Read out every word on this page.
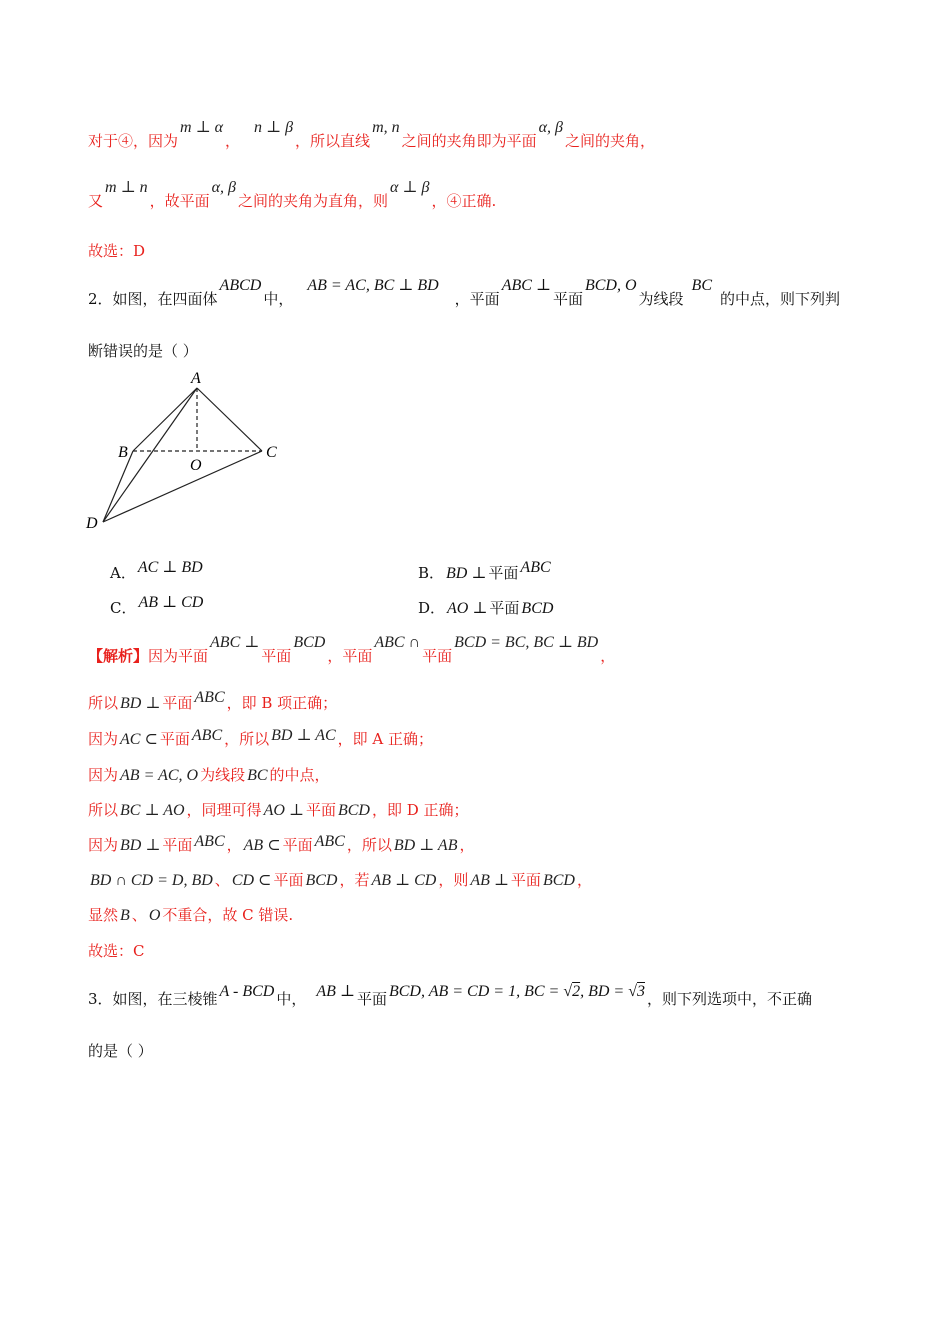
对于④，因为m ⊥ α，n ⊥ β，所以直线m, n之间的夹角即为平面α, β之间的夹角，
又m ⊥ n，故平面α, β之间的夹角为直角，则α ⊥ β，④正确.
故选：D
2．如图，在四面体ABCD中，AB = AC, BC ⊥ BD，平面ABC ⊥平面BCD, O为线段BC的中点，则下列判
断错误的是（ ）
A
B	C
D
O
A． AC ⊥ BD	B． BD ⊥ 平面 ABC
C． AB ⊥ CD	D． AO ⊥ 平面 BCD
【解析】因为平面ABC ⊥平面BCD，平面ABC ∩平面BCD = BC, BC ⊥ BD，
所以 BD ⊥ 平面 ABC ，即 B 项正确；
因为 AC ⊂ 平面 ABC ，所以 BD ⊥ AC ，即 A 正确；
因为 AB = AC, O 为线段 BC 的中点，
所以 BC ⊥ AO ，同理可得 AO ⊥ 平面 BCD ，即 D 正确；
因为 BD ⊥ 平面 ABC ， AB ⊂ 平面 ABC ，所以 BD ⊥ AB ，
BD ∩ CD = D, BD 、 CD ⊂ 平面 BCD ，若 AB ⊥ CD ，则 AB ⊥ 平面 BCD ，
显然 B 、 O 不重合，故 C 错误.
故选：C
3．如图，在三棱锥 A - BCD 中， AB ⊥ 平面 BCD, AB = CD = 1, BC = √2, BD = √3 ，则下列选项中，不正确
的是（ ）
